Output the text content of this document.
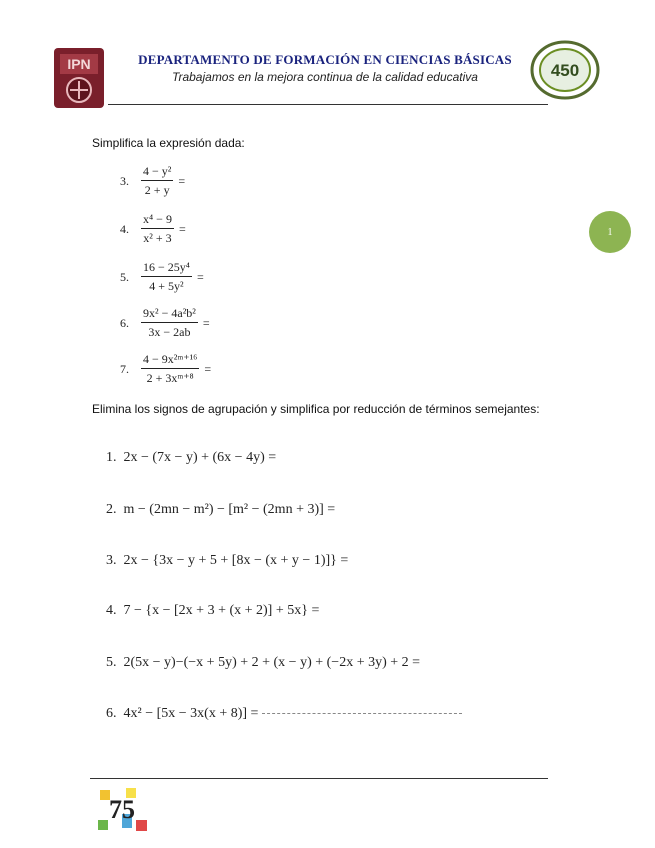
IPN	DEPARTAMENTO DE FORMACIÓN EN CIENCIAS BÁSICAS
Trabajamos en la mejora continua de la calidad educativa	450
1
Simplifica la expresión dada:
3.	$\frac{\text{4 − y²}}{2 + y}$ =
4.	$\frac{\text{x⁴ − 9}}{\text{x² + 3}}$ =
5.	$\frac{\text{16 − 25y⁴}}{\text{4 + 5y²}}$ =
6.	$\frac{\text{9x² − 4a²b²}}{3x - 2ab}$ =
7.	$\frac{\text{4 − 9x²ᵐ⁺¹⁶}}{\text{2 + 3xᵐ⁺⁸}}$ =
Elimina los signos de agrupación y simplifica por reducción de términos semejantes:
1. 2x − (7x − y) + (6x − 4y) =
2. m − (2mn − m²) − [m² − (2mn + 3)] =
3. 2x − {3x − y + 5 + [8x − (x + y − 1)]} =
4. 7 − {x − [2x + 3 + (x + 2)] + 5x} =
5. 2(5x − y)−(−x + 5y) + 2 + (x − y) + (−2x + 3y) + 2 =
6. 4x² − [5x − 3x(x + 8)] =
75
